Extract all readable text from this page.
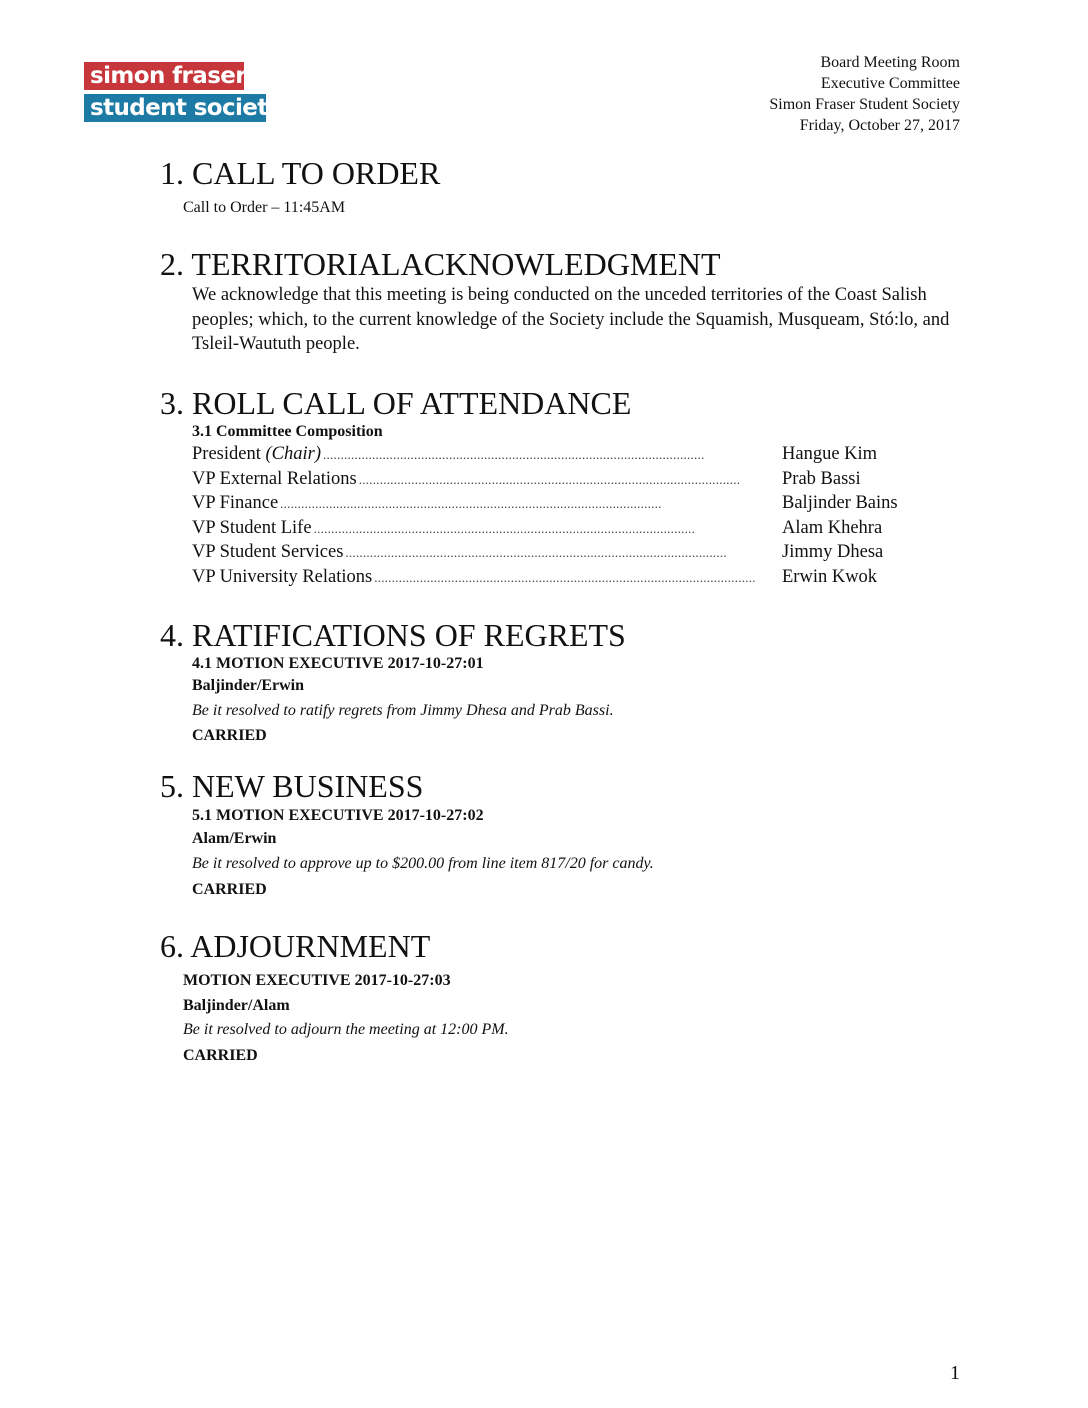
simon fraser
student society
Board Meeting Room
Executive Committee
Simon Fraser Student Society
Friday, October 27, 2017
1. CALL TO ORDER
Call to Order – 11:45AM
2. TERRITORIALACKNOWLEDGMENT
We acknowledge that this meeting is being conducted on the unceded territories of the Coast Salish peoples; which, to the current knowledge of the Society include the Squamish, Musqueam, Stó:lo, and Tsleil-Waututh people.
3. ROLL CALL OF ATTENDANCE
3.1 Committee Composition
President (Chair) . . .	Hangue Kim
VP External Relations . . .	Prab Bassi
VP Finance . . .	Baljinder Bains
VP Student Life . . .	Alam Khehra
VP Student Services . . .	Jimmy Dhesa
VP University Relations . . .	Erwin Kwok
4. RATIFICATIONS OF REGRETS
4.1 MOTION EXECUTIVE 2017-10-27:01
Baljinder/Erwin
Be it resolved to ratify regrets from Jimmy Dhesa and Prab Bassi.
CARRIED
5. NEW BUSINESS
5.1 MOTION EXECUTIVE 2017-10-27:02
Alam/Erwin
Be it resolved to approve up to $200.00 from line item 817/20 for candy.
CARRIED
6. ADJOURNMENT
MOTION EXECUTIVE 2017-10-27:03
Baljinder/Alam
Be it resolved to adjourn the meeting at 12:00 PM.
CARRIED
1
